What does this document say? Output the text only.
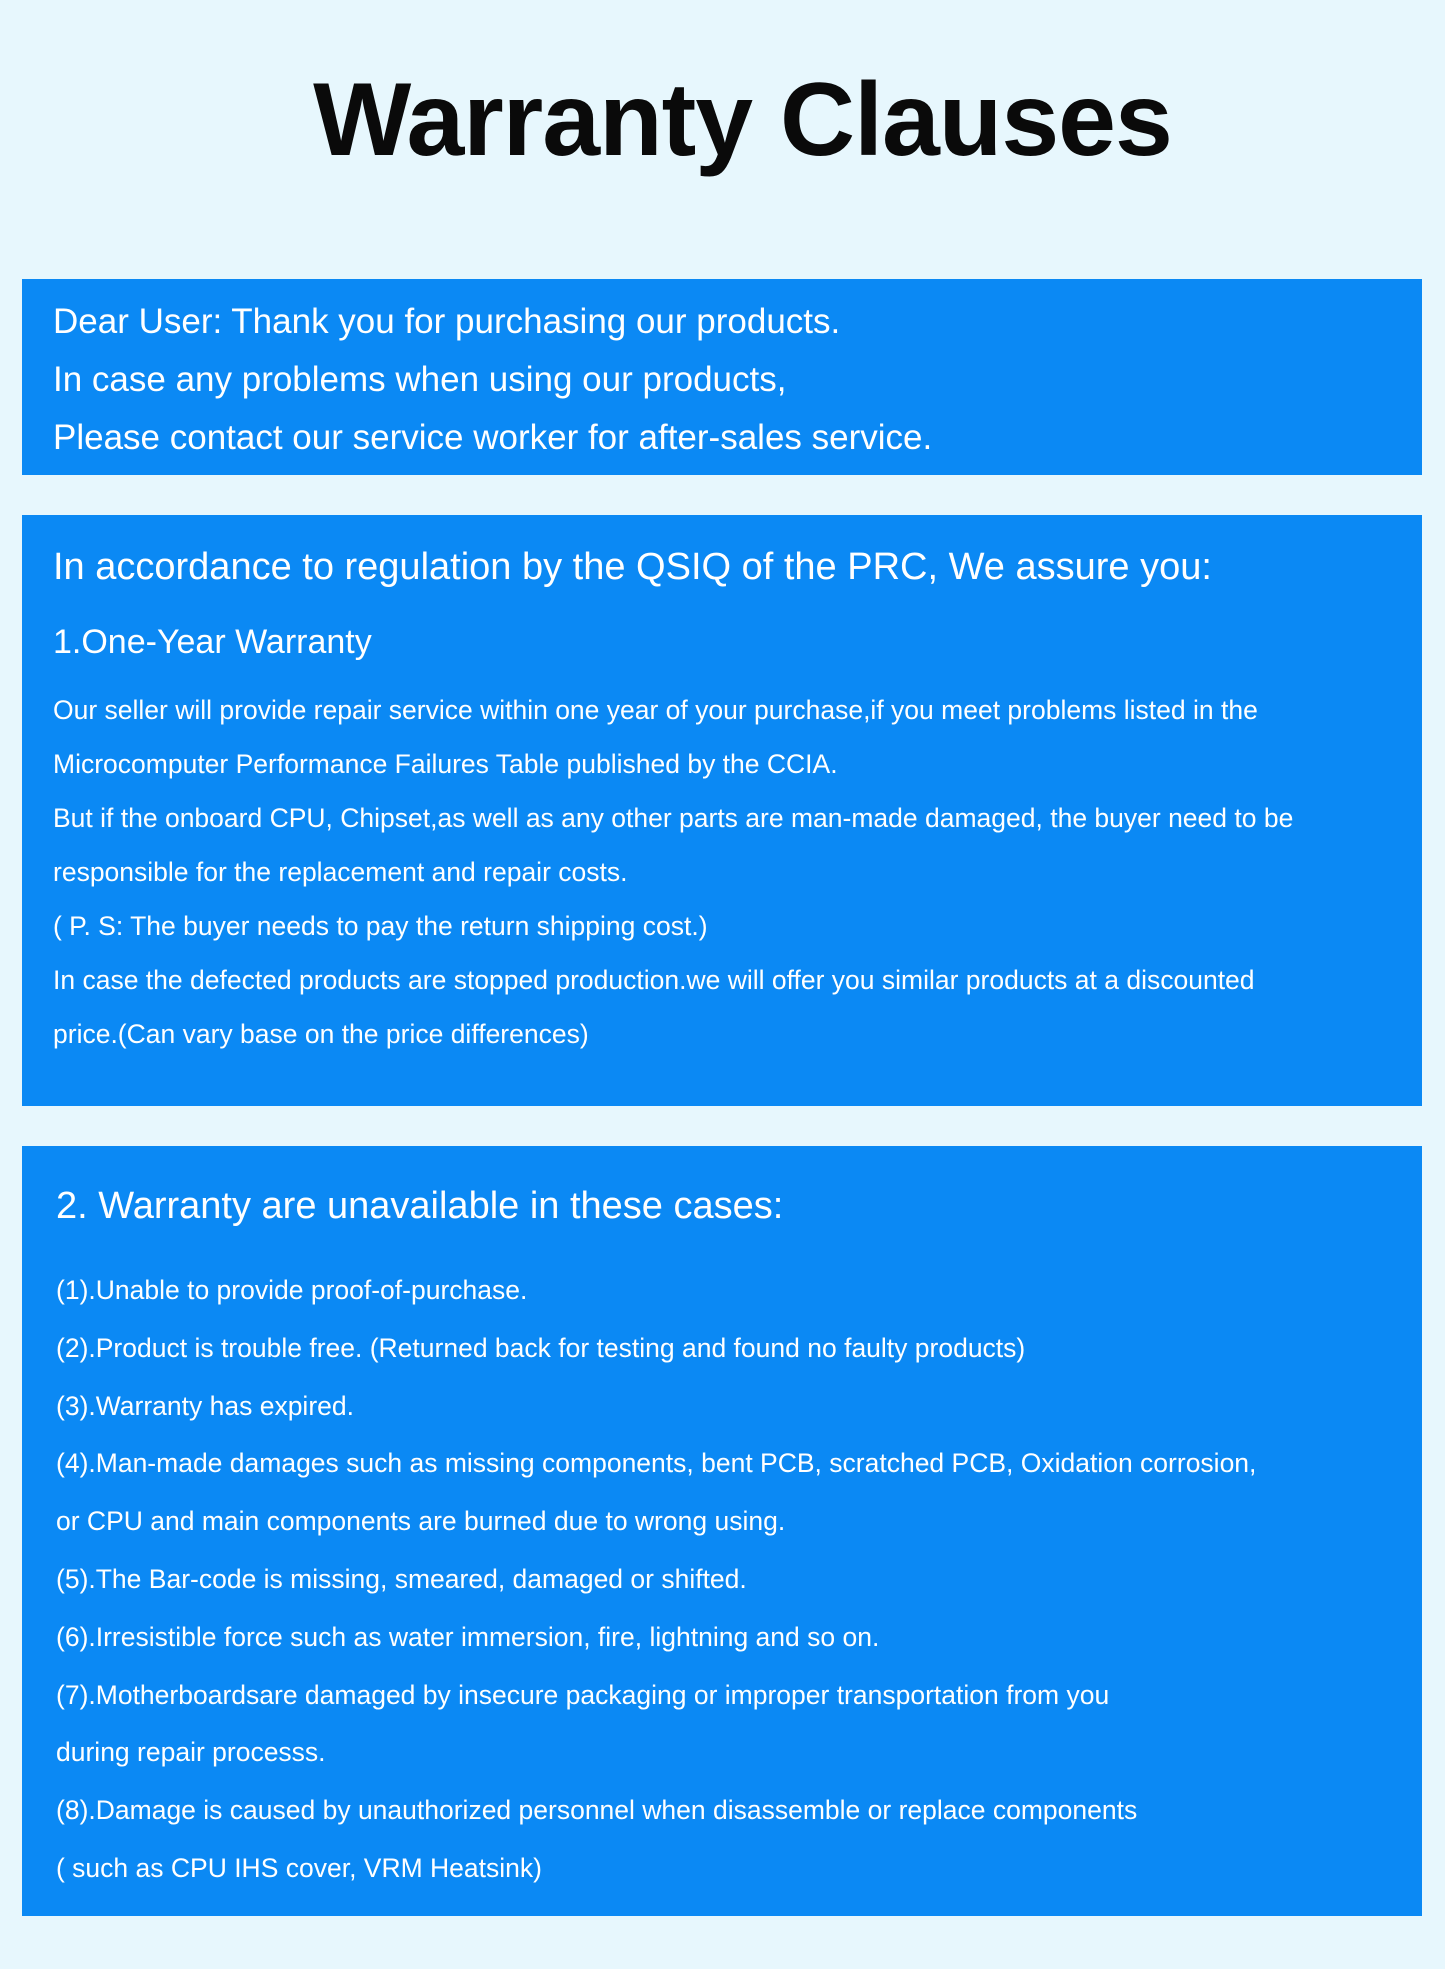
Warranty Clauses
Dear User: Thank you for purchasing our products.
In case any problems when using our products,
Please contact our service worker for after-sales service.
In accordance to regulation by the QSIQ of the PRC, We assure you:
1.One-Year Warranty
Our seller will provide repair service within one year of your purchase,if you meet problems listed in the
Microcomputer Performance Failures Table published by the CCIA.
But if the onboard CPU, Chipset,as well as any other parts are man-made damaged, the buyer need to be
responsible for the replacement and repair costs.
( P. S: The buyer needs to pay the return shipping cost.)
In case the defected products are stopped production.we will offer you similar products at a discounted
price.(Can vary base on the price differences)
2. Warranty are unavailable in these cases:
(1).Unable to provide proof-of-purchase.
(2).Product is trouble free. (Returned back for testing and found no faulty products)
(3).Warranty has expired.
(4).Man-made damages such as missing components, bent PCB, scratched PCB, Oxidation corrosion,
or CPU and main components are burned due to wrong using.
(5).The Bar-code is missing, smeared, damaged or shifted.
(6).Irresistible force such as water immersion, fire, lightning and so on.
(7).Motherboardsare damaged by insecure packaging or improper transportation from you
during repair processs.
(8).Damage is caused by unauthorized personnel when disassemble or replace components
( such as CPU IHS cover, VRM Heatsink)
